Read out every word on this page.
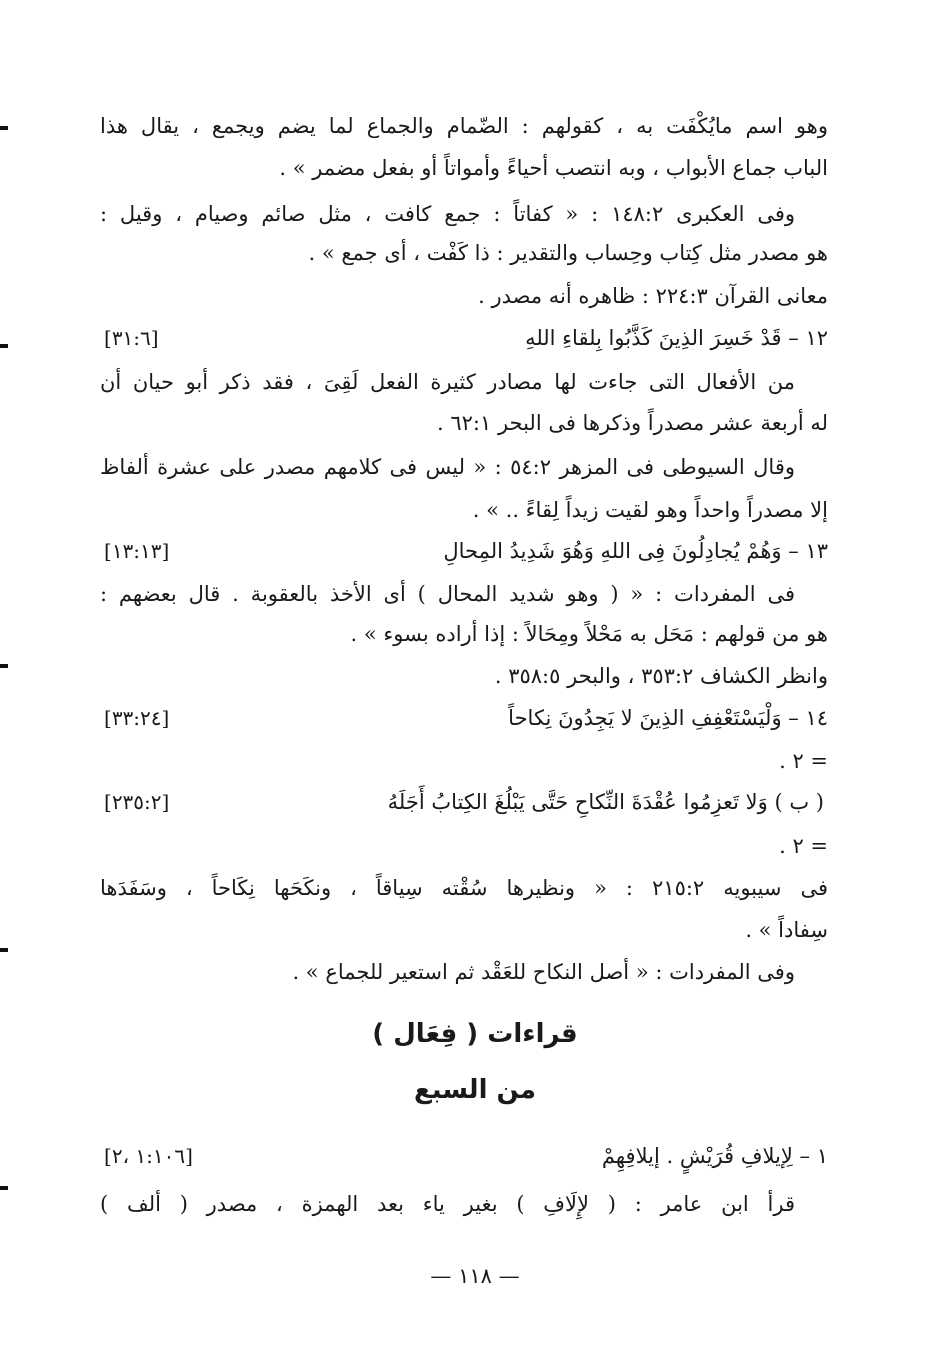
وهو اسم مايُكْفَت به ، كقولهم : الضّمام والجماع لما يضم ويجمع ، يقال هذا
الباب جماع الأبواب ، وبه انتصب أحياءً وأمواتاً أو بفعل مضمر » .
وفى العكبرى ١٤٨:٢ : « كفاتاً : جمع كافت ، مثل صائم وصيام ، وقيل :
هو مصدر مثل كِتاب وحِساب والتقدير : ذا كَفْت ، أى جمع » .
معانى القرآن ٢٢٤:٣ : ظاهره أنه مصدر .
١٢ – قَدْ خَسِرَ الذِينَ كَذَّبُوا بِلقاءِ اللهِ
[٣١:٦]
من الأفعال التى جاءت لها مصادر كثيرة الفعل لَقِىَ ، فقد ذكر أبو حيان أن
له أربعة عشر مصدراً وذكرها فى البحر ٦٢:١ .
وقال السيوطى فى المزهر ٥٤:٢ : « ليس فى كلامهم مصدر على عشرة ألفاظ
إلا مصدراً واحداً وهو لقيت زيداً لِقاءً .. » .
١٣ – وَهُمْ يُجادِلُونَ فِى اللهِ وَهُوَ شَدِيدُ المِحالِ
[١٣:١٣]
فى المفردات : « ( وهو شديد المحال ) أى الأخذ بالعقوبة . قال بعضهم :
هو من قولهم : مَحَل به مَحْلاً ومِحَالاً : إذا أراده بسوء » .
وانظر الكشاف ٣٥٣:٢ ، والبحر ٣٥٨:٥ .
١٤ – وَلْيَسْتَعْفِفِ الذِينَ لا يَجِدُونَ نِكاحاً
[٣٣:٢٤]
= ٢ .
( ب ) وَلا تَعزِمُوا عُقْدَةَ النِّكاحِ حَتَّى يَبْلُغَ الكِتابُ أَجَلَهُ
[٢٣٥:٢]
= ٢ .
فى سيبويه ٢١٥:٢ : « ونظيرها سُقْته سِياقاً ، ونكَحَها نِكَاحاً ، وسَفَدَها
سِفاداً » .
وفى المفردات : « أصل النكاح للعَقْد ثم استعير للجماع » .
قراءات ( فِعَال )
من السبع
١ – لِإيلافِ قُرَيْشٍ . إيلافِهِمْ
[١:١٠٦ ،٢]
قرأ ابن عامر : ( لإِلَافِ ) بغير ياء بعد الهمزة ، مصدر ( ألف )
— ١١٨ —
